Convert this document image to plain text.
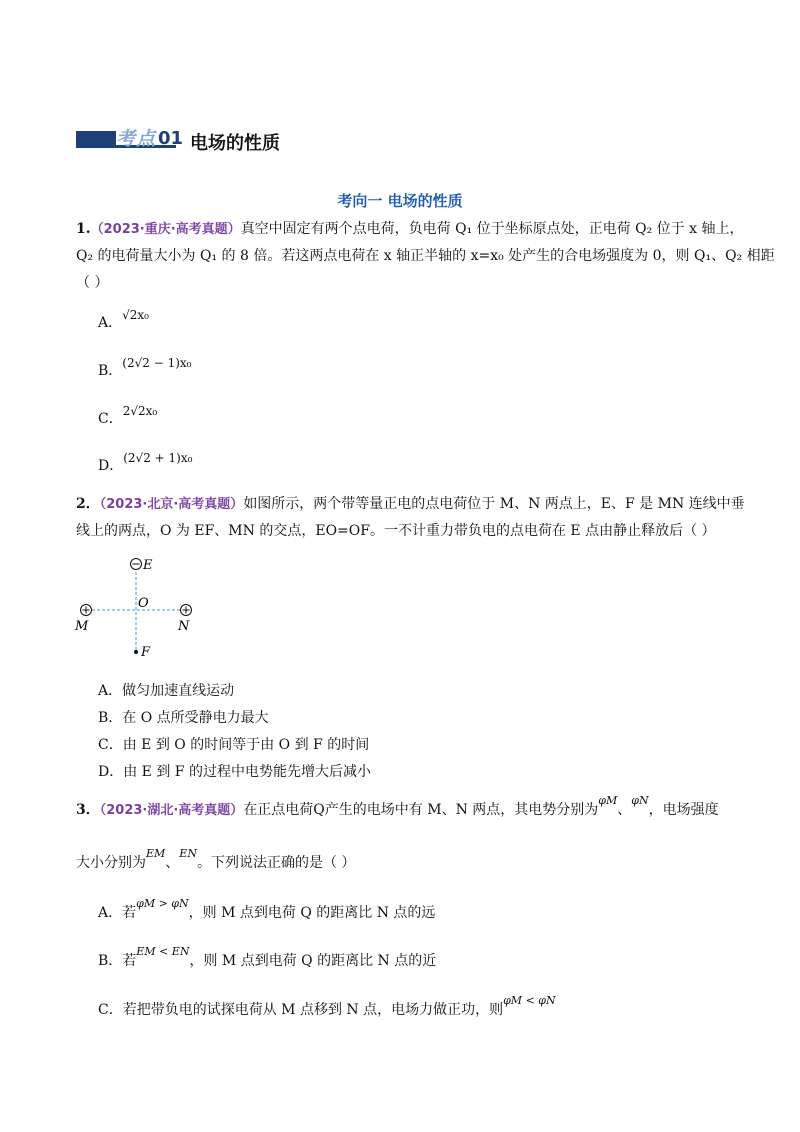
考点 01 电场的性质
考向一 电场的性质
1.（2023·重庆·高考真题）真空中固定有两个点电荷，负电荷 Q₁ 位于坐标原点处，正电荷 Q₂ 位于 x 轴上，
Q₂ 的电荷量大小为 Q₁ 的 8 倍。若这两点电荷在 x 轴正半轴的 x=x₀ 处产生的合电场强度为 0，则 Q₁、Q₂ 相距
（ ）
A．√2x₀
B．(2√2 − 1)x₀
C．2√2x₀
D．(2√2 + 1)x₀
2．（2023·北京·高考真题）如图所示，两个带等量正电的点电荷位于 M、N 两点上，E、F 是 MN 连线中垂
线上的两点，O 为 EF、MN 的交点，EO=OF。一不计重力带负电的点电荷在 E 点由静止释放后（ ）
E
O
M	N
F
A．做匀加速直线运动
B．在 O 点所受静电力最大
C．由 E 到 O 的时间等于由 O 到 F 的时间
D．由 E 到 F 的过程中电势能先增大后减小
3．（2023·湖北·高考真题）在正点电荷Q产生的电场中有 M、N 两点，其电势分别为$^{\varphi M}$、$^{\varphi N}$，电场强度
大小分别为$^{EM}$、$^{EN}$。下列说法正确的是（ ）
A．若$^{\varphi M > \varphi N}$，则 M 点到电荷 Q 的距离比 N 点的远
B．若$^{EM < EN}$，则 M 点到电荷 Q 的距离比 N 点的近
C．若把带负电的试探电荷从 M 点移到 N 点，电场力做正功，则$^{\varphi M < \varphi N}$
